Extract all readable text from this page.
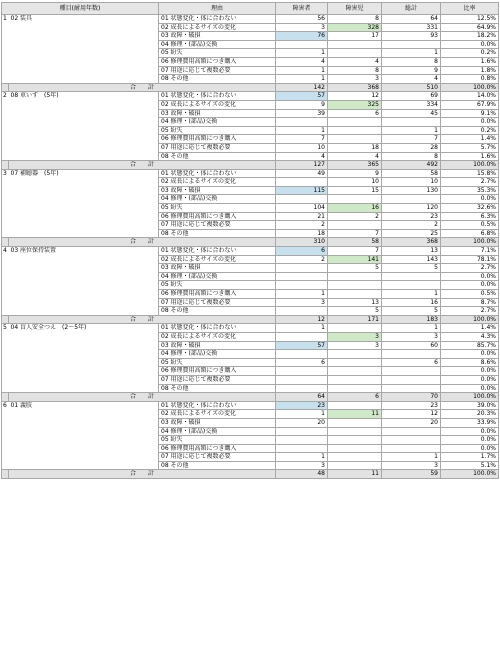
種目(耐用年数)		理由	障害者	障害児	総計	比率
1	02 装具	01 状態変化・体に合わない	56	8	64	12.5%
		02 成長によるサイズの変化	3	328	331	64.9%
		03 故障・破損	76	17	93	18.2%
		04 修理・(部品)交換				0.0%
		05 紛失	1		1	0.2%
		06 修理費用高額につき購入	4	4	8	1.6%
		07 用途に応じて複数必要	1	8	9	1.8%
		08 その他	1	3	4	0.8%
	合　　計		142	368	510	100.0%
2	08 車いす　(5年)	01 状態変化・体に合わない	57	12	69	14.0%
		02 成長によるサイズの変化	9	325	334	67.9%
		03 故障・破損	39	6	45	9.1%
		04 修理・(部品)交換				0.0%
		05 紛失	1		1	0.2%
		06 修理費用高額につき購入	7		7	1.4%
		07 用途に応じて複数必要	10	18	28	5.7%
		08 その他	4	4	8	1.6%
	合　　計		127	365	492	100.0%
3	07 補聴器　(5年)	01 状態変化・体に合わない	49	9	58	15.8%
		02 成長によるサイズの変化		10	10	2.7%
		03 故障・破損	115	15	130	35.3%
		04 修理・(部品)交換				0.0%
		05 紛失	104	16	120	32.6%
		06 修理費用高額につき購入	21	2	23	6.3%
		07 用途に応じて複数必要	2		2	0.5%
		08 その他	18	7	25	6.8%
	合　　計		310	58	368	100.0%
4	03 座位保持装置	01 状態変化・体に合わない	6	7	13	7.1%
		02 成長によるサイズの変化	2	141	143	78.1%
		03 故障・破損		5	5	2.7%
		04 修理・(部品)交換				0.0%
		05 紛失				0.0%
		06 修理費用高額につき購入	1		1	0.5%
		07 用途に応じて複数必要	3	13	16	8.7%
		08 その他		5	5	2.7%
	合　　計		12	171	183	100.0%
5	04 盲人安全つえ　(2～5年)	01 状態変化・体に合わない	1		1	1.4%
		02 成長によるサイズの変化		3	3	4.3%
		03 故障・破損	57	3	60	85.7%
		04 修理・(部品)交換				0.0%
		05 紛失	6		6	8.6%
		06 修理費用高額につき購入				0.0%
		07 用途に応じて複数必要				0.0%
		08 その他				0.0%
	合　　計		64	6	70	100.0%
6	01 義肢	01 状態変化・体に合わない	23		23	39.0%
		02 成長によるサイズの変化	1	11	12	20.3%
		03 故障・破損	20		20	33.9%
		04 修理・(部品)交換				0.0%
		05 紛失				0.0%
		06 修理費用高額につき購入				0.0%
		07 用途に応じて複数必要	1		1	1.7%
		08 その他	3		3	5.1%
	合　　計		48	11	59	100.0%
